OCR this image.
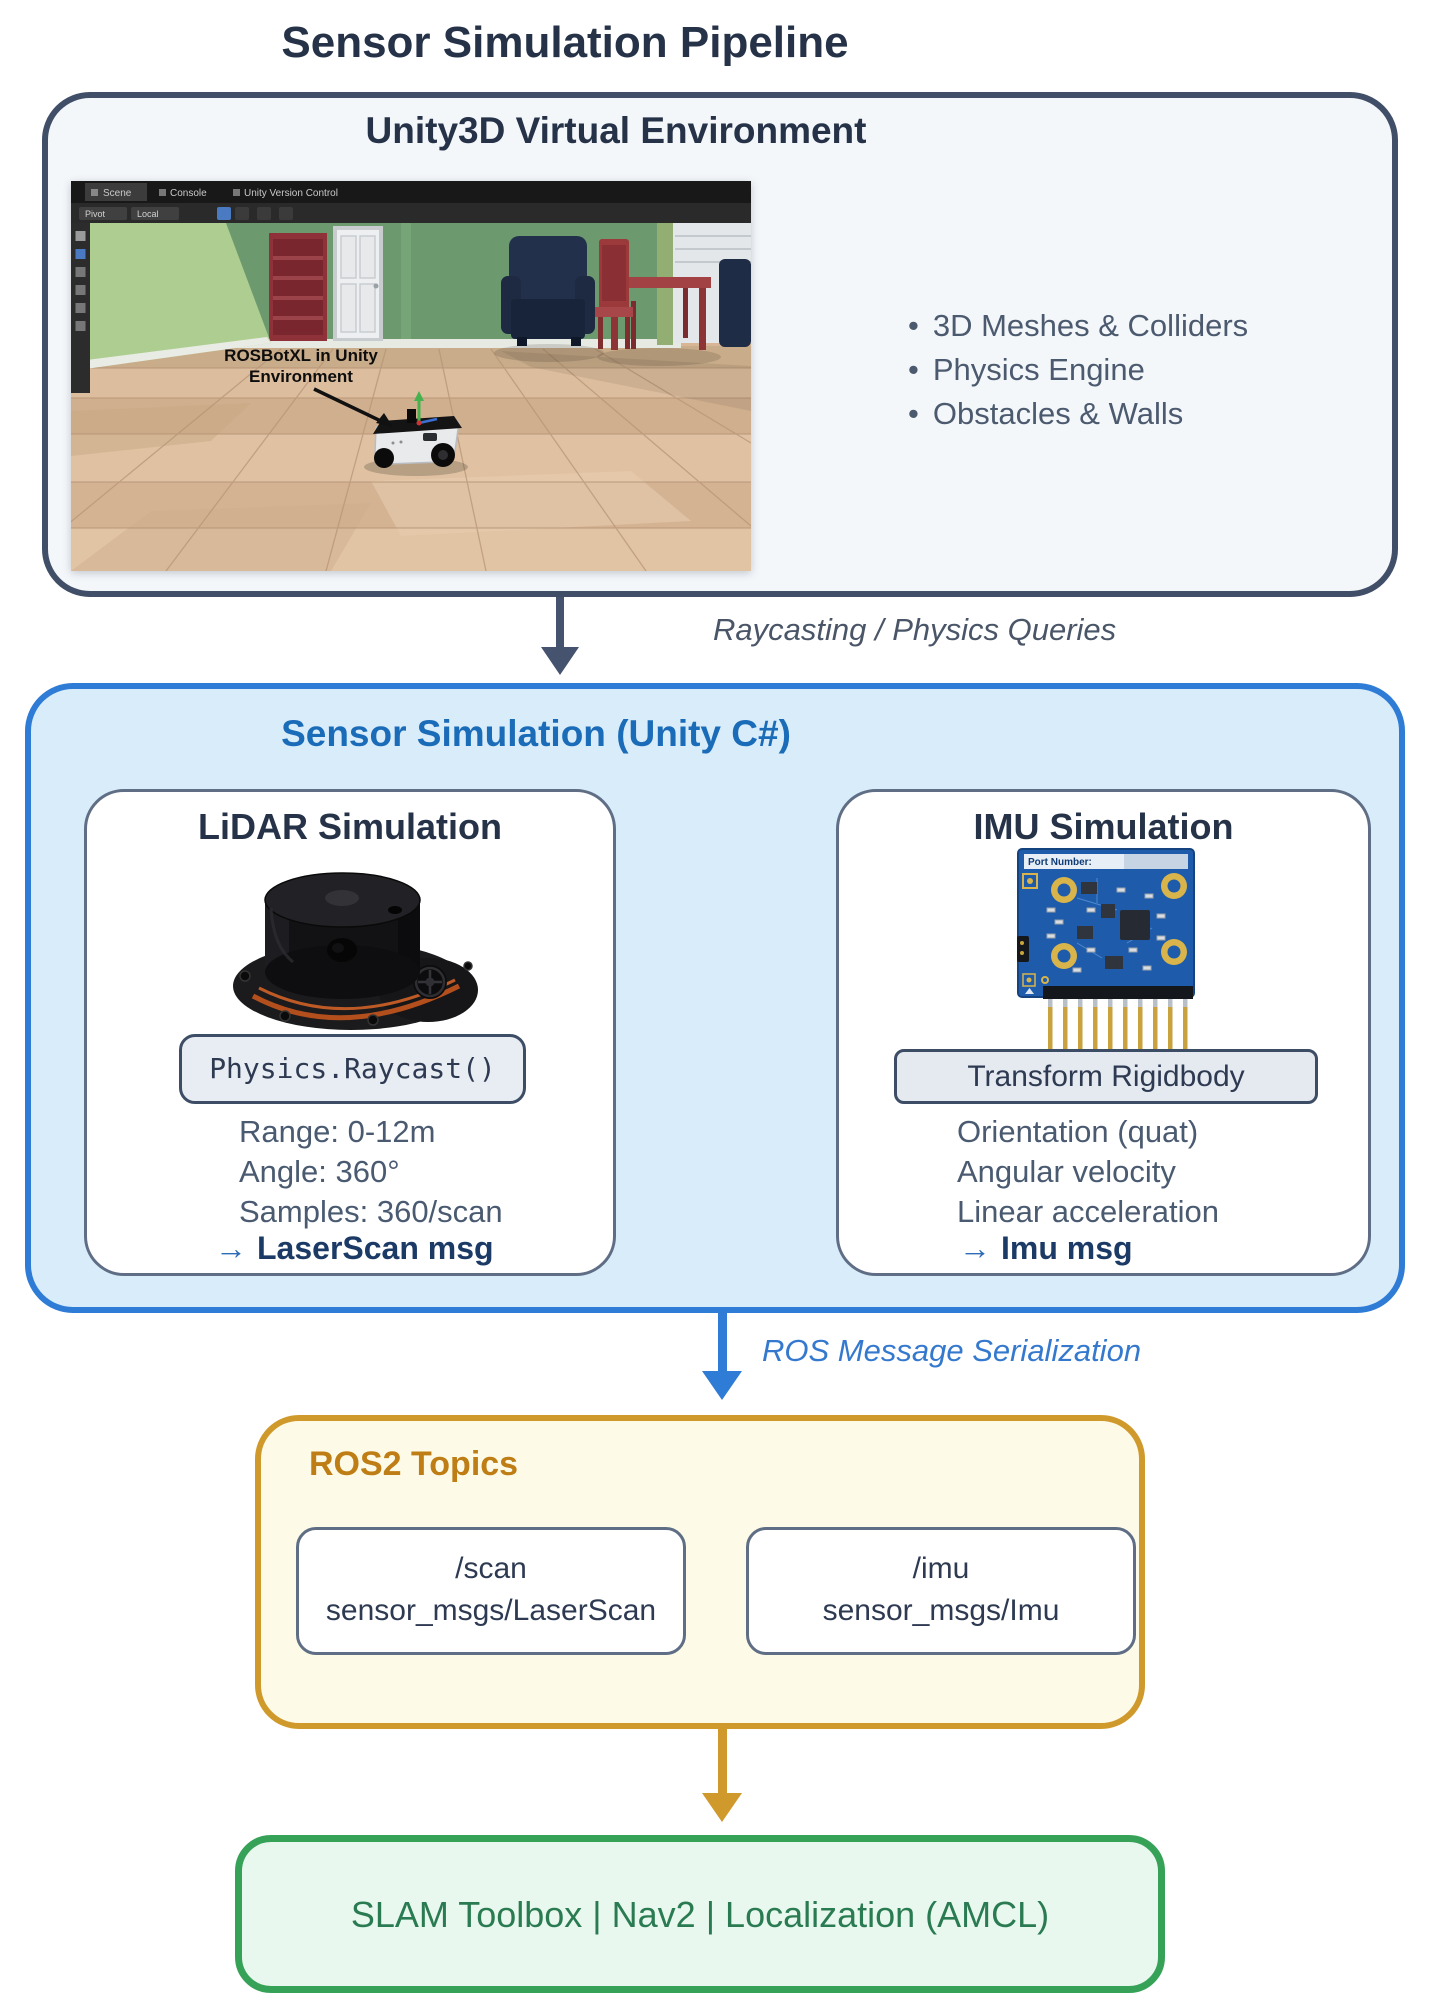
Sensor Simulation Pipeline
Unity3D Virtual Environment
ROSBotXL in Unity
Environment
Scene	Console	Unity Version Control
Pivot	Local
• 3D Meshes & Colliders
• Physics Engine
• Obstacles & Walls
Raycasting / Physics Queries
Sensor Simulation (Unity C#)
LiDAR Simulation
Physics.Raycast()
Range: 0-12m
Angle: 360°
Samples: 360/scan
→ LaserScan msg
IMU Simulation
Port Number:
Transform Rigidbody
Orientation (quat)
Angular velocity
Linear acceleration
→ Imu msg
ROS Message Serialization
ROS2 Topics
/scan
sensor_msgs/LaserScan
/imu
sensor_msgs/Imu
SLAM Toolbox | Nav2 | Localization (AMCL)
